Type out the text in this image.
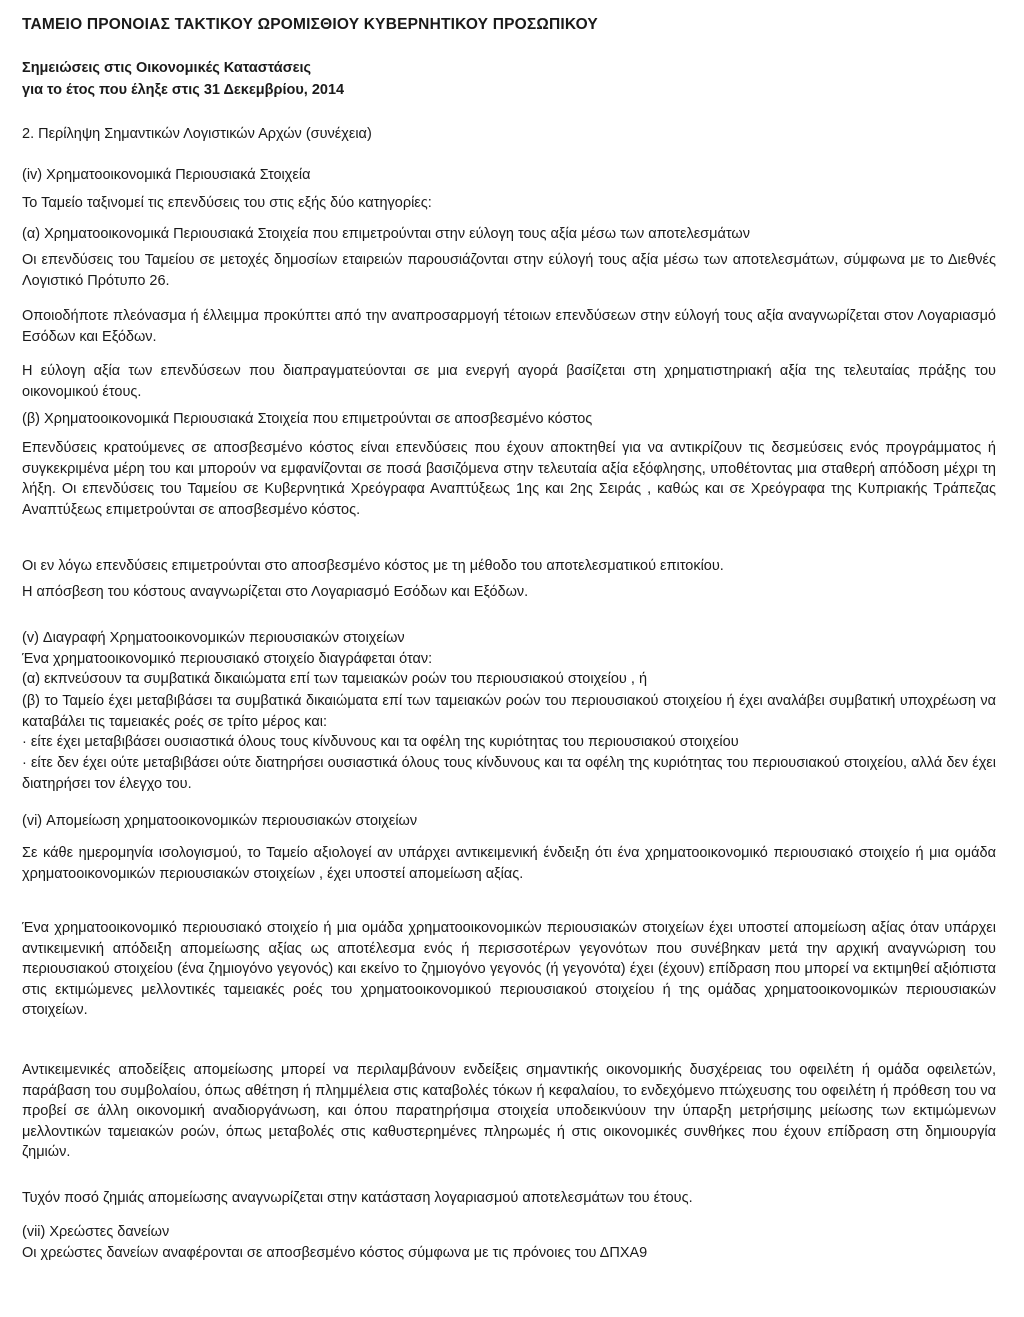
ΤΑΜΕΙΟ ΠΡΟΝΟΙΑΣ ΤΑΚΤΙΚΟΥ ΩΡΟΜΙΣΘΙΟΥ ΚΥΒΕΡΝΗΤΙΚΟΥ ΠΡΟΣΩΠΙΚΟΥ
Σημειώσεις στις Οικονομικές Καταστάσεις
για το έτος που έληξε στις 31 Δεκεμβρίου, 2014
2. Περίληψη Σημαντικών Λογιστικών Αρχών (συνέχεια)
(iv) Χρηματοοικονομικά Περιουσιακά Στοιχεία
Το Ταμείο ταξινομεί τις επενδύσεις του στις εξής δύο κατηγορίες:
(α) Χρηματοοικονομικά Περιουσιακά Στοιχεία που επιμετρούνται στην εύλογη τους αξία μέσω των αποτελεσμάτων

Οι επενδύσεις του Ταμείου σε μετοχές δημοσίων εταιρειών παρουσιάζονται στην εύλογή τους αξία μέσω των αποτελεσμάτων, σύμφωνα με το Διεθνές Λογιστικό Πρότυπο 26.

Οποιοδήποτε πλεόνασμα ή έλλειμμα προκύπτει από την αναπροσαρμογή τέτοιων επενδύσεων στην εύλογή τους αξία αναγνωρίζεται στον Λογαριασμό Εσόδων και Εξόδων.

Η εύλογη αξία των επενδύσεων που διαπραγματεύονται σε μια ενεργή αγορά βασίζεται στη χρηματιστηριακή αξία της τελευταίας πράξης του οικονομικού έτους.

(β) Χρηματοοικονομικά Περιουσιακά Στοιχεία που επιμετρούνται σε αποσβεσμένο κόστος

Επενδύσεις κρατούμενες σε αποσβεσμένο κόστος είναι επενδύσεις που έχουν αποκτηθεί για να αντικρίζουν τις δεσμεύσεις ενός προγράμματος ή συγκεκριμένα μέρη του και μπορούν να εμφανίζονται σε ποσά βασιζόμενα στην τελευταία αξία εξόφλησης, υποθέτοντας μια σταθερή απόδοση μέχρι τη λήξη. Οι επενδύσεις του Ταμείου σε Κυβερνητικά Χρεόγραφα Αναπτύξεως 1ης και 2ης Σειράς , καθώς και σε Χρεόγραφα της Κυπριακής Τράπεζας Αναπτύξεως επιμετρούνται σε αποσβεσμένο κόστος.

Οι εν λόγω επενδύσεις επιμετρούνται στο αποσβεσμένο κόστος με τη μέθοδο του αποτελεσματικού επιτοκίου.

Η απόσβεση του κόστους αναγνωρίζεται στο Λογαριασμό Εσόδων και Εξόδων.

(v) Διαγραφή Χρηματοοικονομικών περιουσιακών στοιχείων
Ένα χρηματοοικονομικό περιουσιακό στοιχείο διαγράφεται όταν:
(α) εκπνεύσουν τα συμβατικά δικαιώματα επί των ταμειακών ροών του περιουσιακού στοιχείου , ή

(β) το Ταμείο έχει μεταβιβάσει τα συμβατικά δικαιώματα επί των ταμειακών ροών του περιουσιακού στοιχείου ή έχει αναλάβει συμβατική υποχρέωση να καταβάλει τις ταμειακές ροές σε τρίτο μέρος και:

· είτε έχει μεταβιβάσει ουσιαστικά όλους τους κίνδυνους και τα οφέλη της κυριότητας του περιουσιακού στοιχείου

· είτε δεν έχει ούτε μεταβιβάσει ούτε διατηρήσει ουσιαστικά όλους τους κίνδυνους και τα οφέλη της κυριότητας του περιουσιακού στοιχείου, αλλά δεν έχει διατηρήσει τον έλεγχο του.

(vi) Απομείωση χρηματοοικονομικών περιουσιακών στοιχείων

Σε κάθε ημερομηνία ισολογισμού, το Ταμείο αξιολογεί αν υπάρχει αντικειμενική ένδειξη ότι ένα χρηματοοικονομικό περιουσιακό στοιχείο ή μια ομάδα χρηματοοικονομικών περιουσιακών στοιχείων , έχει υποστεί απομείωση αξίας.

Ένα χρηματοοικονομικό περιουσιακό στοιχείο ή μια ομάδα χρηματοοικονομικών περιουσιακών στοιχείων έχει υποστεί απομείωση αξίας όταν υπάρχει αντικειμενική απόδειξη απομείωσης αξίας ως αποτέλεσμα ενός ή περισσοτέρων γεγονότων που συνέβηκαν μετά την αρχική αναγνώριση του περιουσιακού στοιχείου (ένα ζημιογόνο γεγονός) και εκείνο το ζημιογόνο γεγονός (ή γεγονότα) έχει (έχουν) επίδραση που μπορεί να εκτιμηθεί αξιόπιστα στις εκτιμώμενες μελλοντικές ταμειακές ροές του χρηματοοικονομικού περιουσιακού στοιχείου ή της ομάδας χρηματοοικονομικών περιουσιακών στοιχείων.

Αντικειμενικές αποδείξεις απομείωσης μπορεί να περιλαμβάνουν ενδείξεις σημαντικής οικονομικής δυσχέρειας του οφειλέτη ή ομάδα οφειλετών, παράβαση του συμβολαίου, όπως αθέτηση ή πλημμέλεια στις καταβολές τόκων ή κεφαλαίου, το ενδεχόμενο πτώχευσης του οφειλέτη ή πρόθεση του να προβεί σε άλλη οικονομική αναδιοργάνωση, και όπου παρατηρήσιμα στοιχεία υποδεικνύουν την ύπαρξη μετρήσιμης μείωσης των εκτιμώμενων μελλοντικών ταμειακών ροών, όπως μεταβολές στις καθυστερημένες πληρωμές ή στις οικονομικές συνθήκες που έχουν επίδραση στη δημιουργία ζημιών.

Τυχόν ποσό ζημιάς απομείωσης αναγνωρίζεται στην κατάσταση λογαριασμού αποτελεσμάτων του έτους.

(vii) Χρεώστες δανείων

Οι χρεώστες δανείων αναφέρονται σε αποσβεσμένο κόστος σύμφωνα με τις πρόνοιες του ΔΠΧΑ9
